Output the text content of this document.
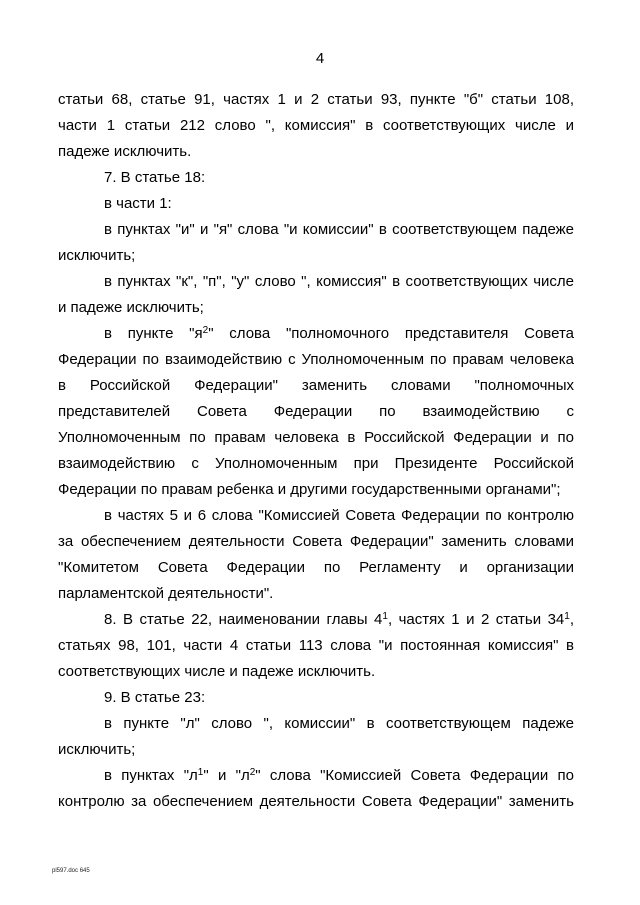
4

статьи 68, статье 91, частях 1 и 2 статьи 93, пункте "б" статьи 108,

части 1 статьи 212 слово ", комиссия" в соответствующих числе и

падеже исключить.

7. В статье 18:

в части 1:

в пунктах "и" и "я" слова "и комиссии" в соответствующем падеже

исключить;

в пунктах "к", "п", "у" слово ", комиссия" в соответствующих числе

и падеже исключить;

в пункте "$я^2$" слова "полномочного представителя Совета

Федерации по взаимодействию с Уполномоченным по правам человека

в Российской Федерации" заменить словами "полномочных

представителей Совета Федерации по взаимодействию с

Уполномоченным по правам человека в Российской Федерации и по

взаимодействию с Уполномоченным при Президенте Российской

Федерации по правам ребенка и другими государственными органами";

в частях 5 и 6 слова "Комиссией Совета Федерации по контролю

за обеспечением деятельности Совета Федерации" заменить словами

"Комитетом Совета Федерации по Регламенту и организации

парламентской деятельности".

8. В статье 22, наименовании главы $4^1$, частях 1 и 2 статьи $34^1$,

статьях 98, 101, части 4 статьи 113 слова "и постоянная комиссия" в

соответствующих числе и падеже исключить.

9. В статье 23:

в пункте "л" слово ", комиссии" в соответствующем падеже

исключить;

в пунктах "$л^1$" и "$л^2$" слова "Комиссией Совета Федерации по

контролю за обеспечением деятельности Совета Федерации" заменить

pl597.doc 645
